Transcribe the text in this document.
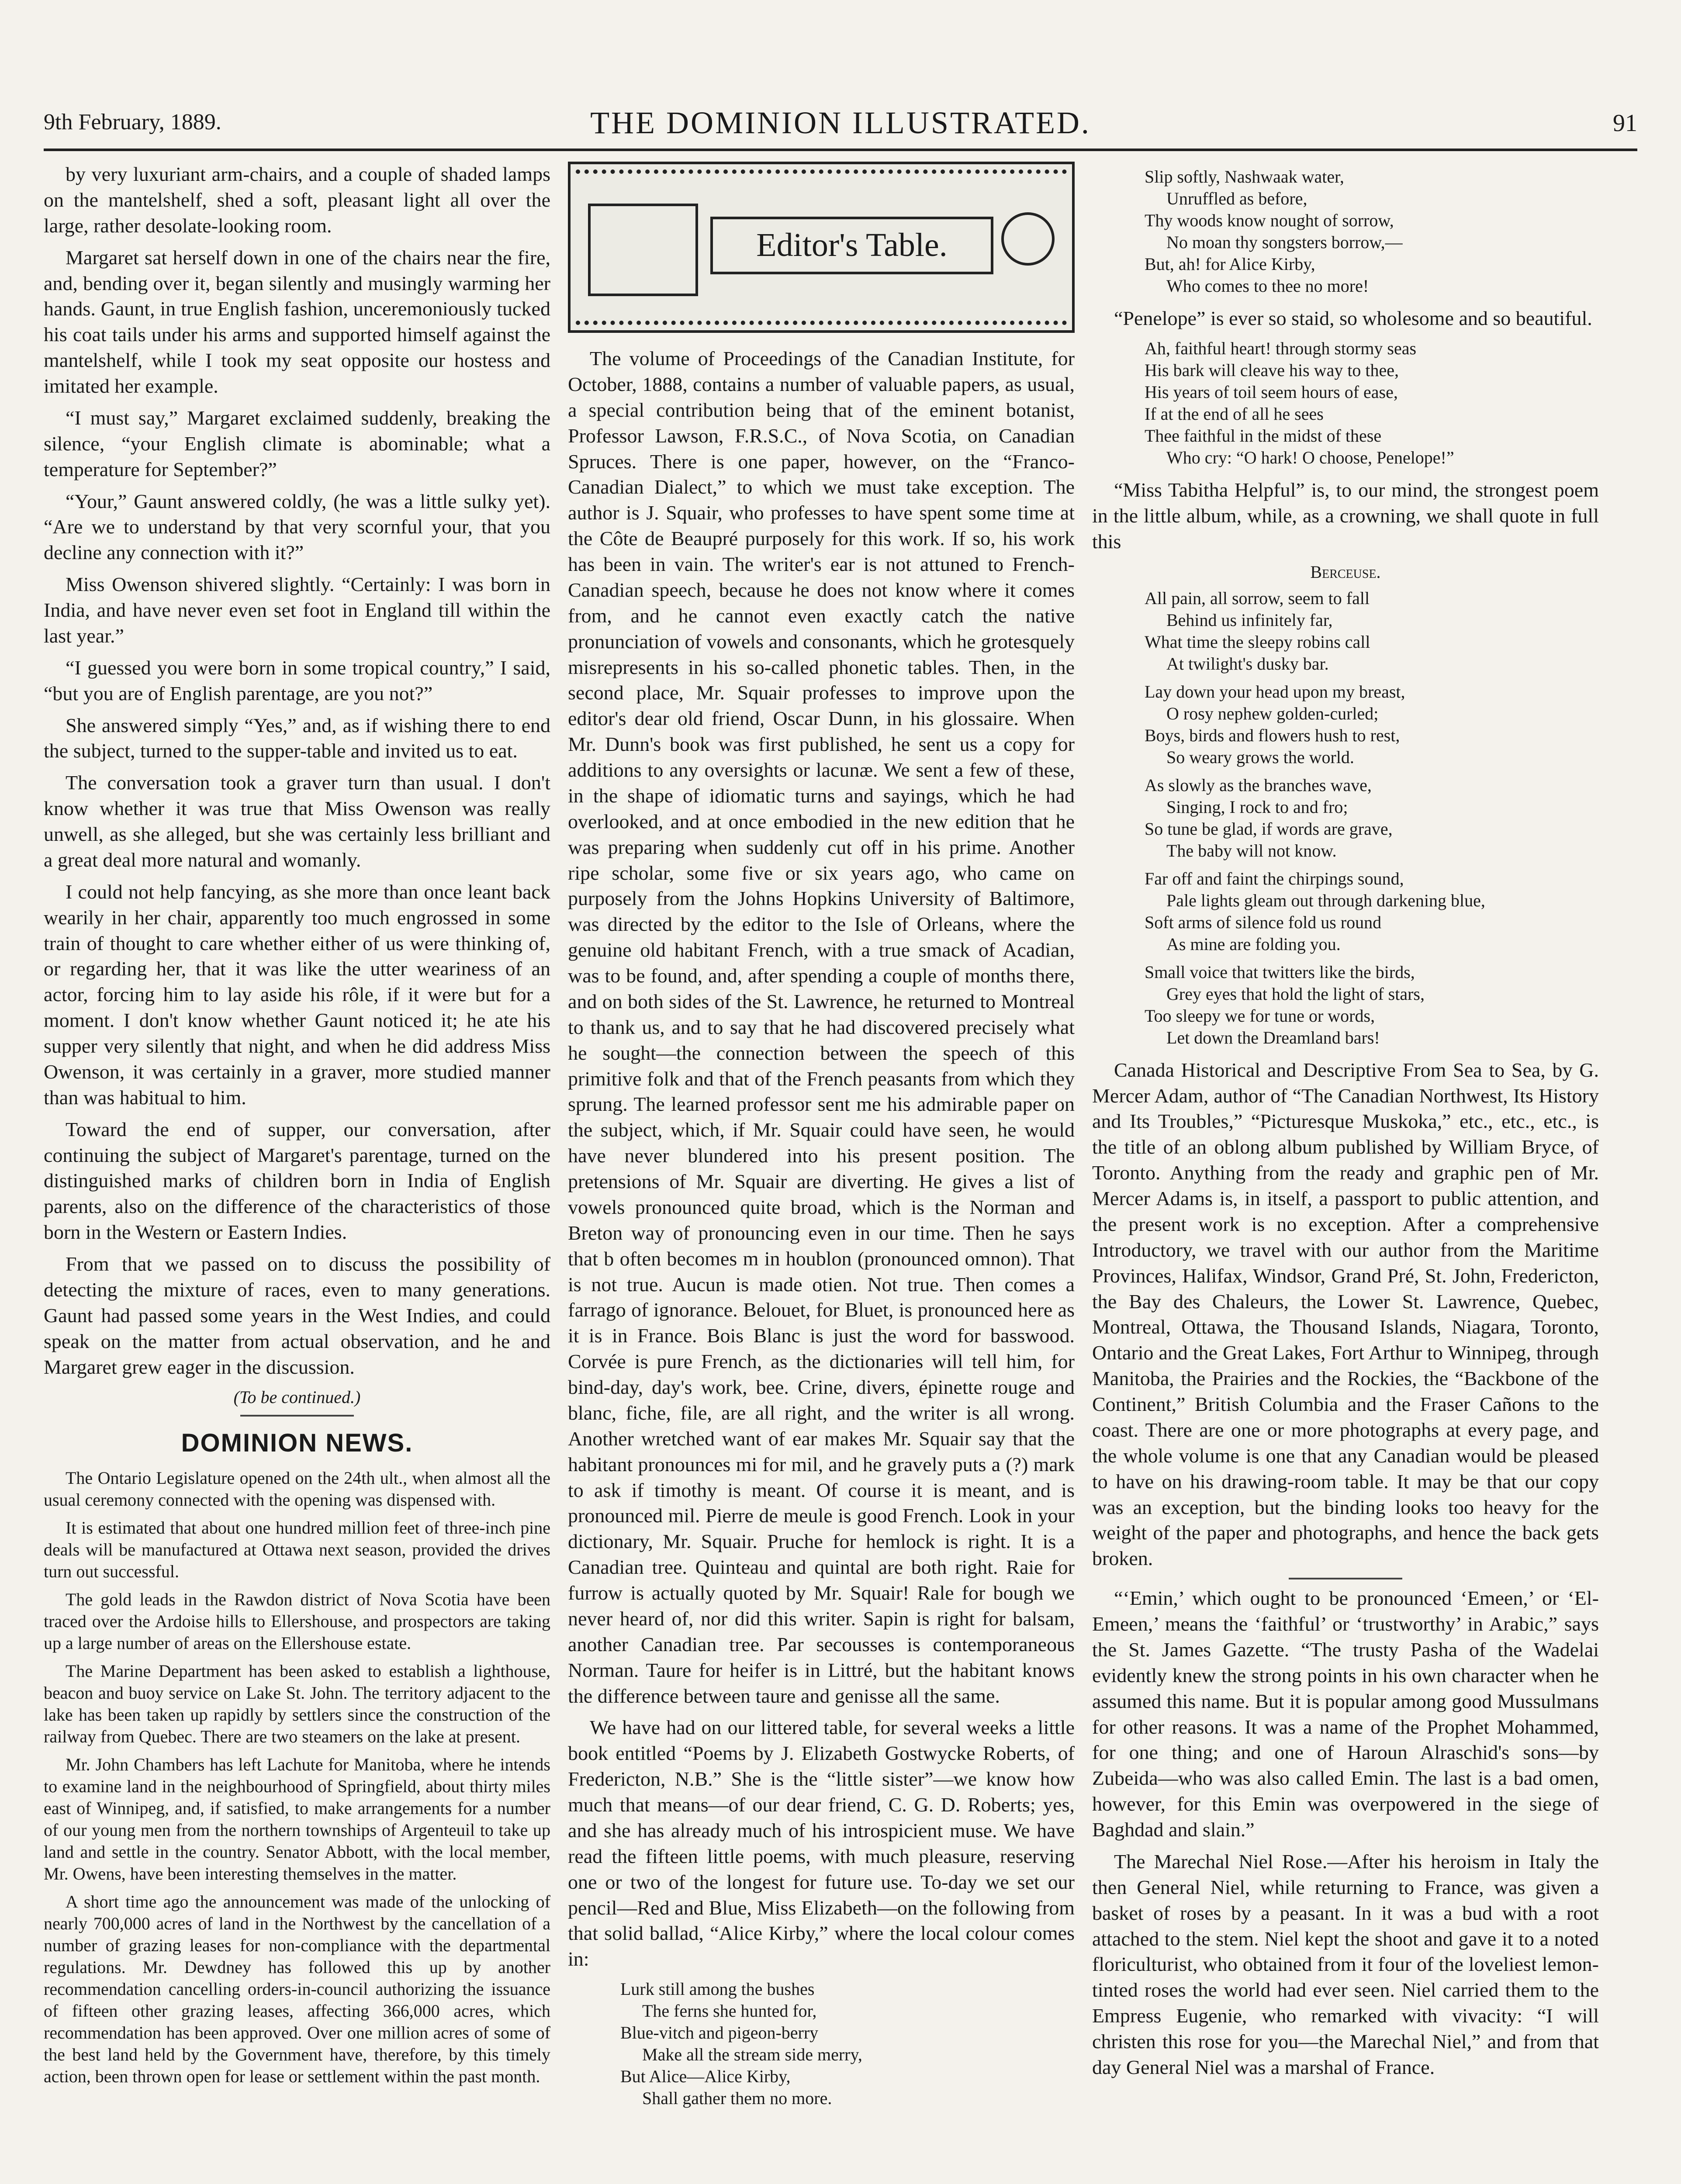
9th February, 1889.	THE DOMINION ILLUSTRATED.	91

by very luxuriant arm-chairs, and a couple of shaded lamps on the mantelshelf, shed a soft, pleasant light all over the large, rather desolate-looking room.

Margaret sat herself down in one of the chairs near the fire, and, bending over it, began silently and musingly warming her hands. Gaunt, in true English fashion, unceremoniously tucked his coat tails under his arms and supported himself against the mantelshelf, while I took my seat opposite our hostess and imitated her example.

“I must say,” Margaret exclaimed suddenly, breaking the silence, “your English climate is abominable; what a temperature for September?”

“Your,” Gaunt answered coldly, (he was a little sulky yet). “Are we to understand by that very scornful your, that you decline any connection with it?”

Miss Owenson shivered slightly. “Certainly: I was born in India, and have never even set foot in England till within the last year.”

“I guessed you were born in some tropical country,” I said, “but you are of English parentage, are you not?”

She answered simply “Yes,” and, as if wishing there to end the subject, turned to the supper-table and invited us to eat.

The conversation took a graver turn than usual. I don't know whether it was true that Miss Owenson was really unwell, as she alleged, but she was certainly less brilliant and a great deal more natural and womanly.

I could not help fancying, as she more than once leant back wearily in her chair, apparently too much engrossed in some train of thought to care whether either of us were thinking of, or regarding her, that it was like the utter weariness of an actor, forcing him to lay aside his rôle, if it were but for a moment. I don't know whether Gaunt noticed it; he ate his supper very silently that night, and when he did address Miss Owenson, it was certainly in a graver, more studied manner than was habitual to him.

Toward the end of supper, our conversation, after continuing the subject of Margaret's parentage, turned on the distinguished marks of children born in India of English parents, also on the difference of the characteristics of those born in the Western or Eastern Indies.

From that we passed on to discuss the possibility of detecting the mixture of races, even to many generations. Gaunt had passed some years in the West Indies, and could speak on the matter from actual observation, and he and Margaret grew eager in the discussion.

(To be continued.)
DOMINION NEWS.

The Ontario Legislature opened on the 24th ult., when almost all the usual ceremony connected with the opening was dispensed with.

It is estimated that about one hundred million feet of three-inch pine deals will be manufactured at Ottawa next season, provided the drives turn out successful.

The gold leads in the Rawdon district of Nova Scotia have been traced over the Ardoise hills to Ellershouse, and prospectors are taking up a large number of areas on the Ellershouse estate.

The Marine Department has been asked to establish a lighthouse, beacon and buoy service on Lake St. John. The territory adjacent to the lake has been taken up rapidly by settlers since the construction of the railway from Quebec. There are two steamers on the lake at present.

Mr. John Chambers has left Lachute for Manitoba, where he intends to examine land in the neighbourhood of Springfield, about thirty miles east of Winnipeg, and, if satisfied, to make arrangements for a number of our young men from the northern townships of Argenteuil to take up land and settle in the country. Senator Abbott, with the local member, Mr. Owens, have been interesting themselves in the matter.

A short time ago the announcement was made of the unlocking of nearly 700,000 acres of land in the Northwest by the cancellation of a number of grazing leases for non-compliance with the departmental regulations. Mr. Dewdney has followed this up by another recommendation cancelling orders-in-council authorizing the issuance of fifteen other grazing leases, affecting 366,000 acres, which recommendation has been approved. Over one million acres of some of the best land held by the Government have, therefore, by this timely action, been thrown open for lease or settlement within the past month.

Editor's Table.

The volume of Proceedings of the Canadian Institute, for October, 1888, contains a number of valuable papers, as usual, a special contribution being that of the eminent botanist, Professor Lawson, F.R.S.C., of Nova Scotia, on Canadian Spruces. There is one paper, however, on the “Franco-Canadian Dialect,” to which we must take exception. The author is J. Squair, who professes to have spent some time at the Côte de Beaupré purposely for this work. If so, his work has been in vain. The writer's ear is not attuned to French-Canadian speech, because he does not know where it comes from, and he cannot even exactly catch the native pronunciation of vowels and consonants, which he grotesquely misrepresents in his so-called phonetic tables. Then, in the second place, Mr. Squair professes to improve upon the editor's dear old friend, Oscar Dunn, in his glossaire. When Mr. Dunn's book was first published, he sent us a copy for additions to any oversights or lacunæ. We sent a few of these, in the shape of idiomatic turns and sayings, which he had overlooked, and at once embodied in the new edition that he was preparing when suddenly cut off in his prime. Another ripe scholar, some five or six years ago, who came on purposely from the Johns Hopkins University of Baltimore, was directed by the editor to the Isle of Orleans, where the genuine old habitant French, with a true smack of Acadian, was to be found, and, after spending a couple of months there, and on both sides of the St. Lawrence, he returned to Montreal to thank us, and to say that he had discovered precisely what he sought—the connection between the speech of this primitive folk and that of the French peasants from which they sprung. The learned professor sent me his admirable paper on the subject, which, if Mr. Squair could have seen, he would have never blundered into his present position. The pretensions of Mr. Squair are diverting. He gives a list of vowels pronounced quite broad, which is the Norman and Breton way of pronouncing even in our time. Then he says that b often becomes m in houblon (pronounced omnon). That is not true. Aucun is made otien. Not true. Then comes a farrago of ignorance. Belouet, for Bluet, is pronounced here as it is in France. Bois Blanc is just the word for basswood. Corvée is pure French, as the dictionaries will tell him, for bind-day, day's work, bee. Crine, divers, épinette rouge and blanc, fiche, file, are all right, and the writer is all wrong. Another wretched want of ear makes Mr. Squair say that the habitant pronounces mi for mil, and he gravely puts a (?) mark to ask if timothy is meant. Of course it is meant, and is pronounced mil. Pierre de meule is good French. Look in your dictionary, Mr. Squair. Pruche for hemlock is right. It is a Canadian tree. Quinteau and quintal are both right. Raie for furrow is actually quoted by Mr. Squair! Rale for bough we never heard of, nor did this writer. Sapin is right for balsam, another Canadian tree. Par secousses is contemporaneous Norman. Taure for heifer is in Littré, but the habitant knows the difference between taure and genisse all the same.

We have had on our littered table, for several weeks a little book entitled “Poems by J. Elizabeth Gostwycke Roberts, of Fredericton, N.B.” She is the “little sister”—we know how much that means—of our dear friend, C. G. D. Roberts; yes, and she has already much of his introspicient muse. We have read the fifteen little poems, with much pleasure, reserving one or two of the longest for future use. To-day we set our pencil—Red and Blue, Miss Elizabeth—on the following from that solid ballad, “Alice Kirby,” where the local colour comes in:

Lurk still among the bushes
The ferns she hunted for,
Blue-vitch and pigeon-berry
Make all the stream side merry,
But Alice—Alice Kirby,
Shall gather them no more.
Slip softly, Nashwaak water,
Unruffled as before,
Thy woods know nought of sorrow,
No moan thy songsters borrow,—
But, ah! for Alice Kirby,
Who comes to thee no more!

“Penelope” is ever so staid, so wholesome and so beautiful.

Ah, faithful heart! through stormy seas
His bark will cleave his way to thee,
His years of toil seem hours of ease,
If at the end of all he sees
Thee faithful in the midst of these
Who cry: “O hark! O choose, Penelope!”

“Miss Tabitha Helpful” is, to our mind, the strongest poem in the little album, while, as a crowning, we shall quote in full this

Berceuse.
All pain, all sorrow, seem to fall
Behind us infinitely far,
What time the sleepy robins call
At twilight's dusky bar.
Lay down your head upon my breast,
O rosy nephew golden-curled;
Boys, birds and flowers hush to rest,
So weary grows the world.
As slowly as the branches wave,
Singing, I rock to and fro;
So tune be glad, if words are grave,
The baby will not know.
Far off and faint the chirpings sound,
Pale lights gleam out through darkening blue,
Soft arms of silence fold us round
As mine are folding you.
Small voice that twitters like the birds,
Grey eyes that hold the light of stars,
Too sleepy we for tune or words,
Let down the Dreamland bars!

Canada Historical and Descriptive From Sea to Sea, by G. Mercer Adam, author of “The Canadian Northwest, Its History and Its Troubles,” “Picturesque Muskoka,” etc., etc., etc., is the title of an oblong album published by William Bryce, of Toronto. Anything from the ready and graphic pen of Mr. Mercer Adams is, in itself, a passport to public attention, and the present work is no exception. After a comprehensive Introductory, we travel with our author from the Maritime Provinces, Halifax, Windsor, Grand Pré, St. John, Fredericton, the Bay des Chaleurs, the Lower St. Lawrence, Quebec, Montreal, Ottawa, the Thousand Islands, Niagara, Toronto, Ontario and the Great Lakes, Fort Arthur to Winnipeg, through Manitoba, the Prairies and the Rockies, the “Backbone of the Continent,” British Columbia and the Fraser Cañons to the coast. There are one or more photographs at every page, and the whole volume is one that any Canadian would be pleased to have on his drawing-room table. It may be that our copy was an exception, but the binding looks too heavy for the weight of the paper and photographs, and hence the back gets broken.

“‘Emin,’ which ought to be pronounced ‘Emeen,’ or ‘El-Emeen,’ means the ‘faithful’ or ‘trustworthy’ in Arabic,” says the St. James Gazette. “The trusty Pasha of the Wadelai evidently knew the strong points in his own character when he assumed this name. But it is popular among good Mussulmans for other reasons. It was a name of the Prophet Mohammed, for one thing; and one of Haroun Alraschid's sons—by Zubeida—who was also called Emin. The last is a bad omen, however, for this Emin was overpowered in the siege of Baghdad and slain.”

The Marechal Niel Rose.—After his heroism in Italy the then General Niel, while returning to France, was given a basket of roses by a peasant. In it was a bud with a root attached to the stem. Niel kept the shoot and gave it to a noted floriculturist, who obtained from it four of the loveliest lemon-tinted roses the world had ever seen. Niel carried them to the Empress Eugenie, who remarked with vivacity: “I will christen this rose for you—the Marechal Niel,” and from that day General Niel was a marshal of France.
